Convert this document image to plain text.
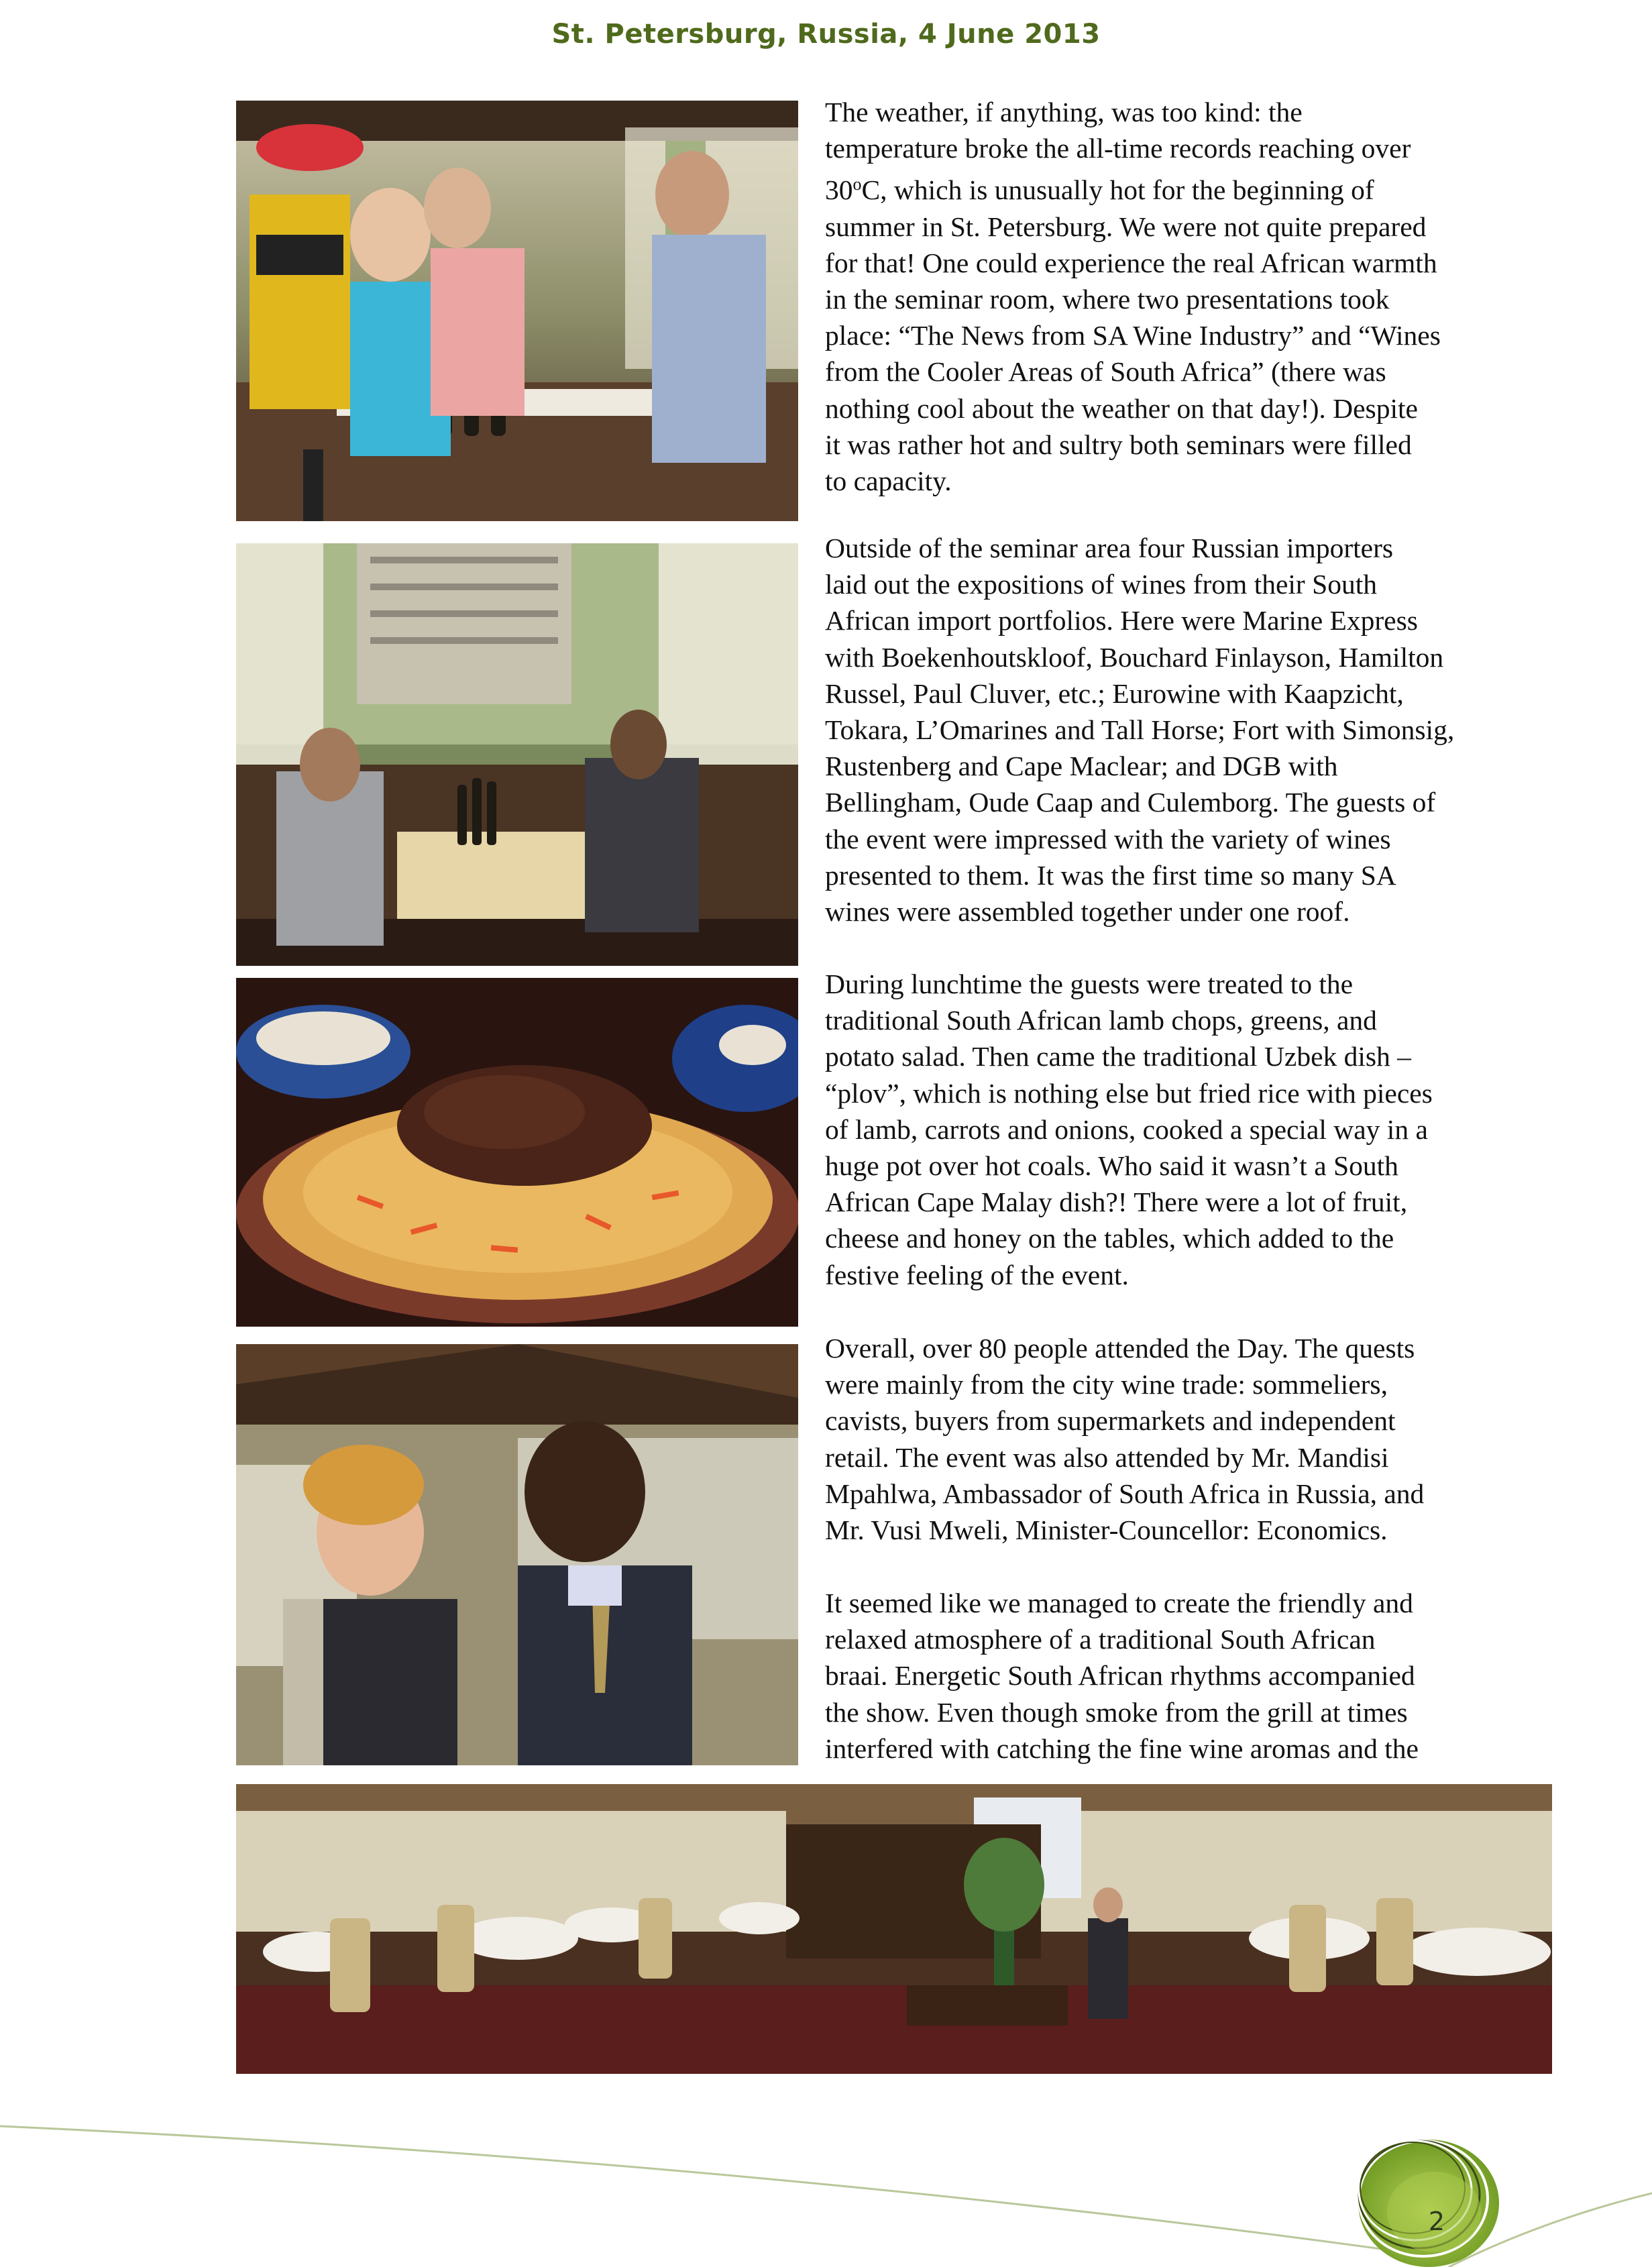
St. Petersburg, Russia, 4 June 2013

The weather, if anything, was too kind: the
temperature broke the all-time records reaching over
30$^o$C, which is unusually hot for the beginning of
summer in St. Petersburg. We were not quite prepared
for that! One could experience the real African warmth
in the seminar room, where two presentations took
place: “The News from SA Wine Industry” and “Wines
from the Cooler Areas of South Africa” (there was
nothing cool about the weather on that day!). Despite
it was rather hot and sultry both seminars were filled
to capacity.

Outside of the seminar area four Russian importers
laid out the expositions of wines from their South
African import portfolios. Here were Marine Express
with Boekenhoutskloof, Bouchard Finlayson, Hamilton
Russel, Paul Cluver, etc.; Eurowine with Kaapzicht,
Tokara, L’Omarines and Tall Horse; Fort with Simonsig,
Rustenberg and Cape Maclear; and DGB with
Bellingham, Oude Caap and Culemborg. The guests of
the event were impressed with the variety of wines
presented to them. It was the first time so many SA
wines were assembled together under one roof.

During lunchtime the guests were treated to the
traditional South African lamb chops, greens, and
potato salad. Then came the traditional Uzbek dish –
“plov”, which is nothing else but fried rice with pieces
of lamb, carrots and onions, cooked a special way in a
huge pot over hot coals. Who said it wasn’t a South
African Cape Malay dish?! There were a lot of fruit,
cheese and honey on the tables, which added to the
festive feeling of the event.

Overall, over 80 people attended the Day. The quests
were mainly from the city wine trade: sommeliers,
cavists, buyers from supermarkets and independent
retail. The event was also attended by Mr. Mandisi
Mpahlwa, Ambassador of South Africa in Russia, and
Mr. Vusi Mweli, Minister-Councellor: Economics.

It seemed like we managed to create the friendly and
relaxed atmosphere of a traditional South African
braai. Energetic South African rhythms accompanied
the show. Even though smoke from the grill at times
interfered with catching the fine wine aromas and the

2
